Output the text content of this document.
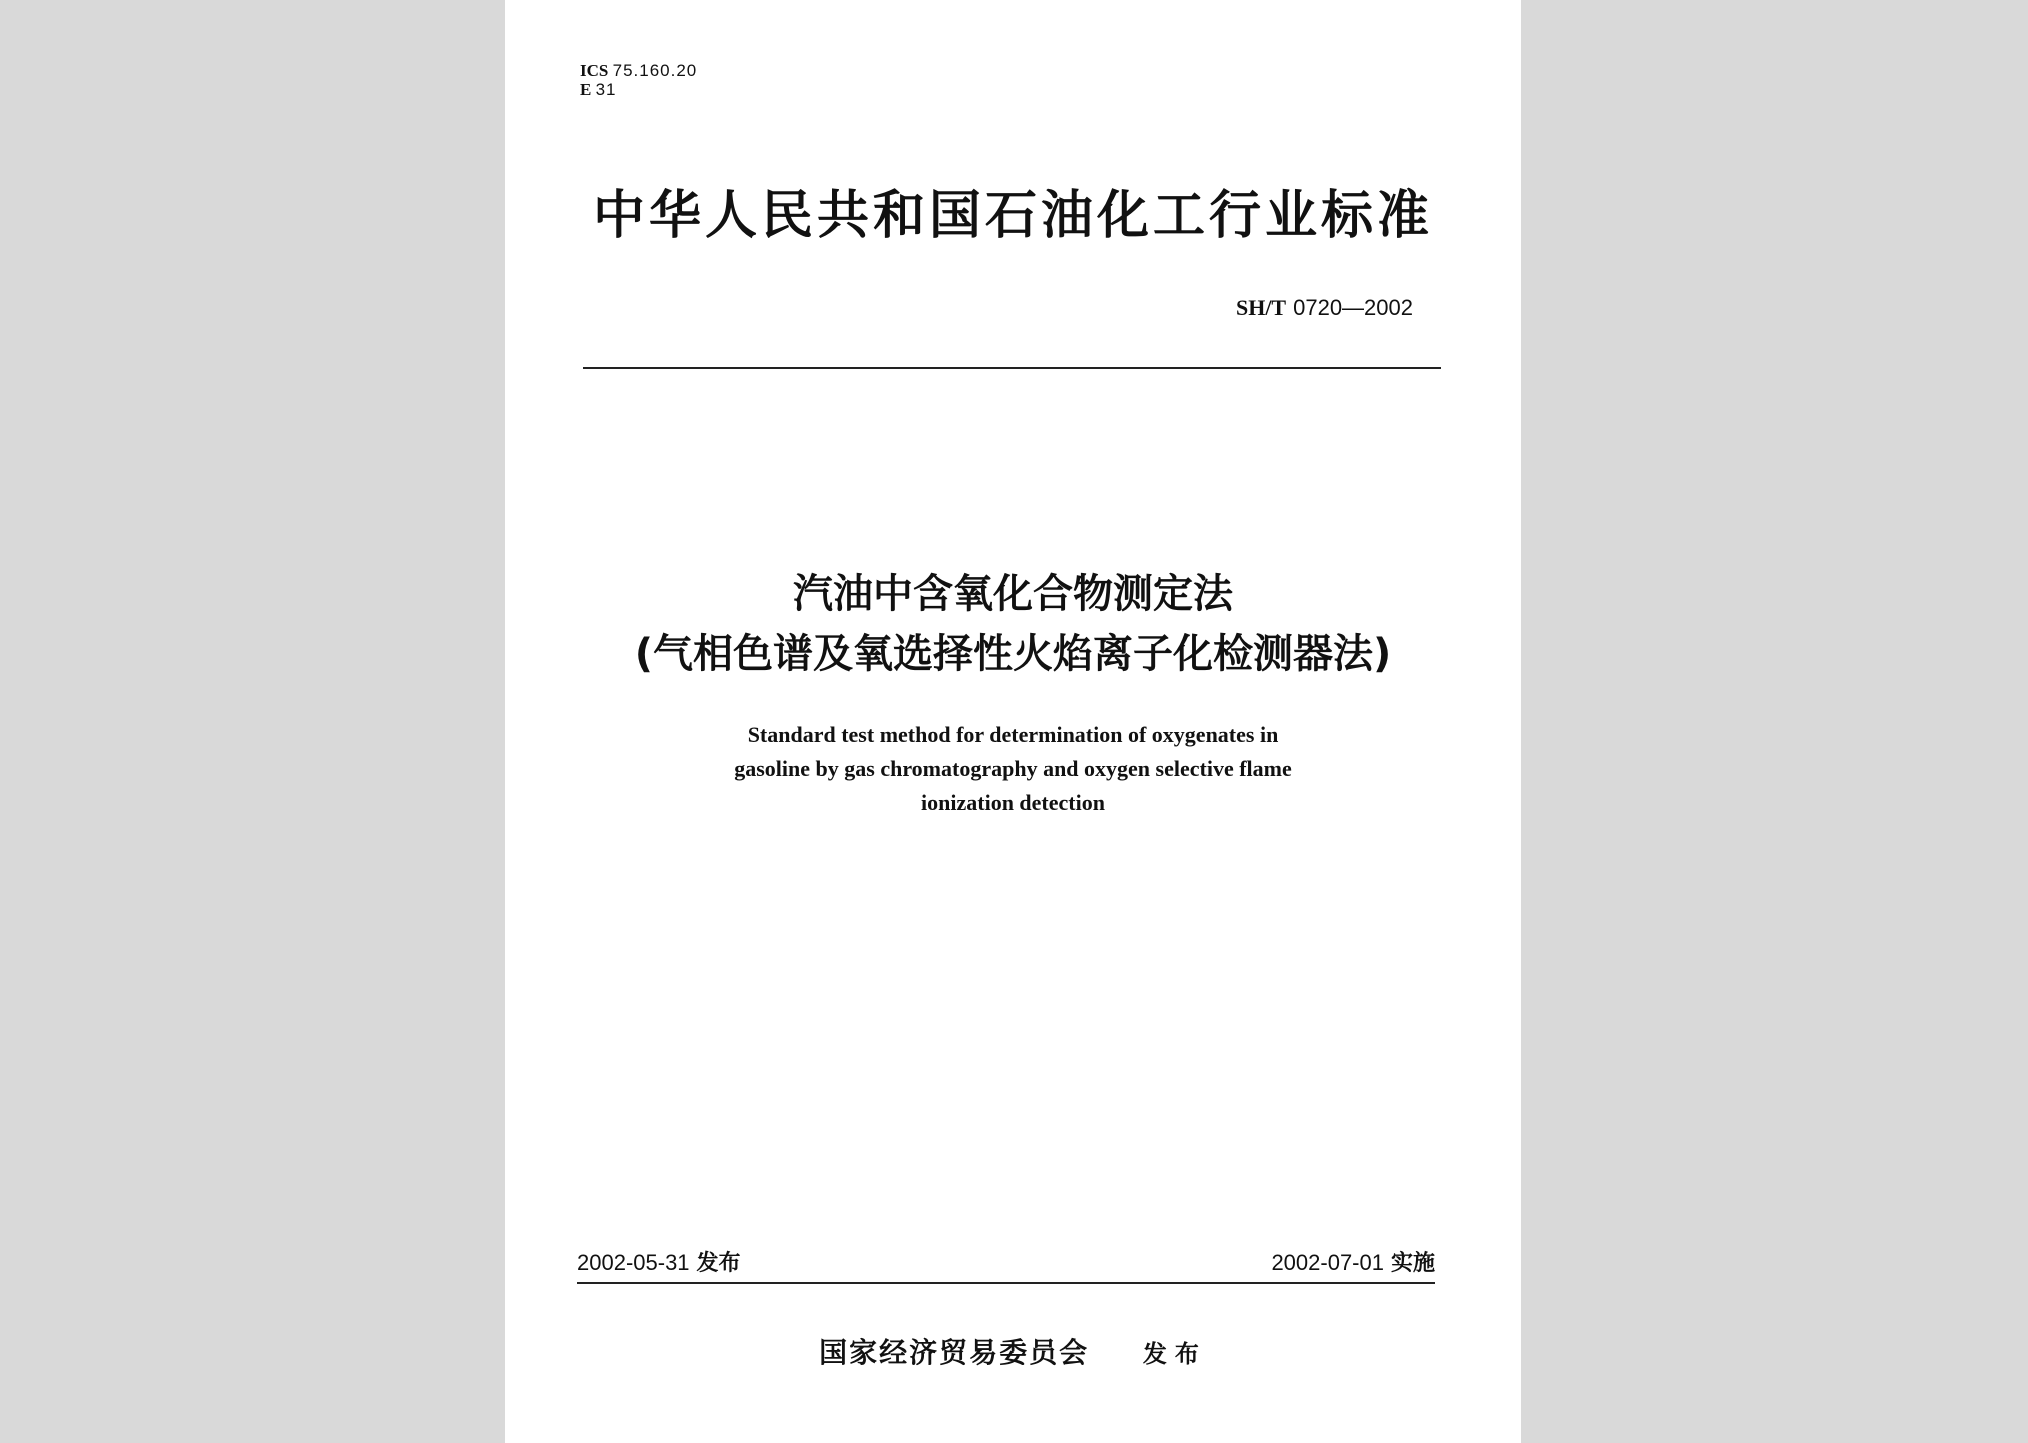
ICS 75.160.20
E 31
中华人民共和国石油化工行业标准
SH/T 0720—2002
汽油中含氧化合物测定法
(气相色谱及氧选择性火焰离子化检测器法)
Standard test method for determination of oxygenates in
gasoline by gas chromatography and oxygen selective flame
ionization detection
2002-05-31 发布	2002-07-01 实施
国家经济贸易委员会 发布
